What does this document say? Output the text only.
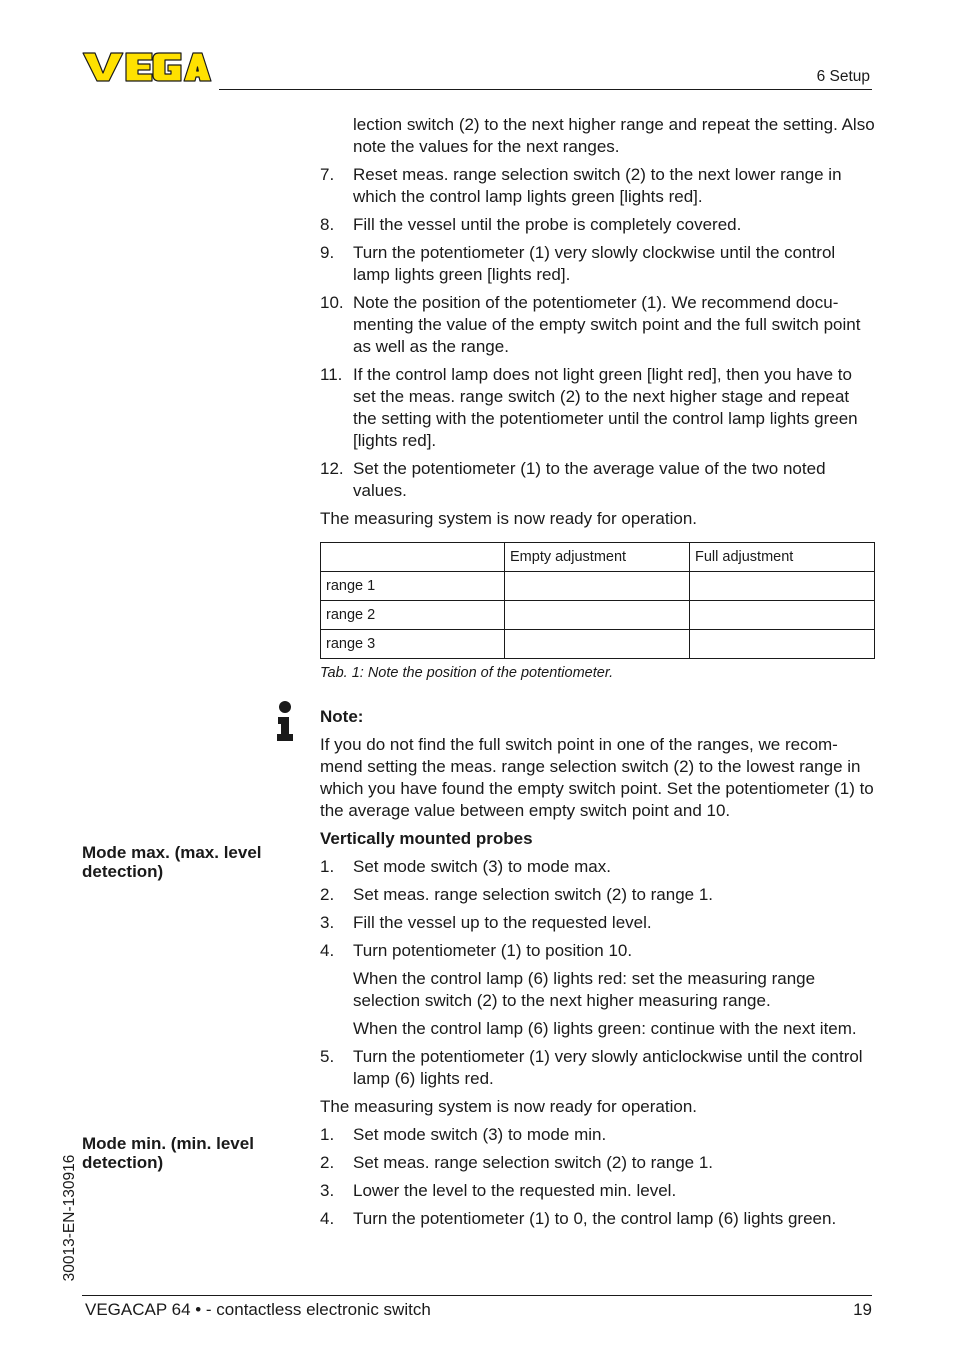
VEGA
6 Setup
Mode max. (max. level detection)
Mode min. (min. level detection)

lection switch (2) to the next higher range and repeat the setting. Also note the values for the next ranges.

7. Reset meas. range selection switch (2) to the next lower range in which the control lamp lights green [lights red].
8. Fill the vessel until the probe is completely covered.
9. Turn the potentiometer (1) very slowly clockwise until the control lamp lights green [lights red].
10. Note the position of the potentiometer (1). We recommend docu-menting the value of the empty switch point and the full switch point as well as the range.
11. If the control lamp does not light green [light red], then you have to set the meas. range switch (2) to the next higher stage and repeat the setting with the potentiometer until the control lamp lights green [lights red].
12. Set the potentiometer (1) to the average value of the two noted values.

The measuring system is now ready for operation.

	Empty adjustment	Full adjustment
range 1		
range 2		
range 3		
Tab. 1: Note the position of the potentiometer.

Note:

If you do not find the full switch point in one of the ranges, we recom-mend setting the meas. range selection switch (2) to the lowest range in which you have found the empty switch point. Set the potentiometer (1) to the average value between empty switch point and 10.

Vertically mounted probes

1. Set mode switch (3) to mode max.
2. Set meas. range selection switch (2) to range 1.
3. Fill the vessel up to the requested level.
4. Turn potentiometer (1) to position 10.
When the control lamp (6) lights red: set the measuring range selection switch (2) to the next higher measuring range.
When the control lamp (6) lights green: continue with the next item.
5. Turn the potentiometer (1) very slowly anticlockwise until the control lamp (6) lights red.

The measuring system is now ready for operation.

1. Set mode switch (3) to mode min.
2. Set meas. range selection switch (2) to range 1.
3. Lower the level to the requested min. level.
4. Turn the potentiometer (1) to 0, the control lamp (6) lights green.
30013-EN-130916
VEGACAP 64 • - contactless electronic switch	19
